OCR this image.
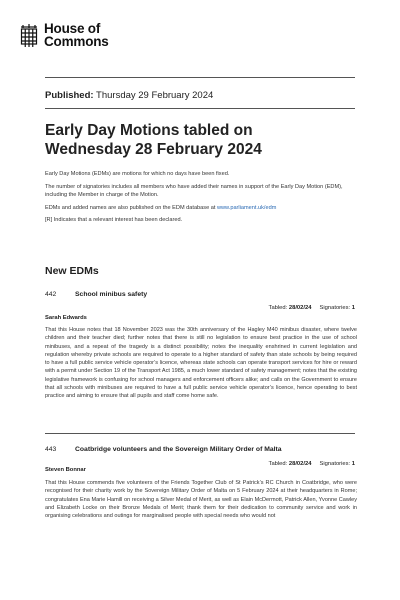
House of
Commons
Published: Thursday 29 February 2024
Early Day Motions tabled on
Wednesday 28 February 2024

Early Day Motions (EDMs) are motions for which no days have been fixed.

The number of signatories includes all members who have added their names in support of the Early Day Motion (EDM), including the Member in charge of the Motion.

EDMs and added names are also published on the EDM database at www.parliament.uk/edm

[R] Indicates that a relevant interest has been declared.

New EDMs
442	School minibus safety
Tabled: 28/02/24 Signatories: 1
Sarah Edwards
That this House notes that 18 November 2023 was the 30th anniversary of the Hagley M40 minibus disaster, where twelve children and their teacher died; further notes that there is still no legislation to ensure best practice in the use of school minibuses, and a repeat of the tragedy is a distinct possibility; notes the inequality enshrined in current legislation and regulation whereby private schools are required to operate to a higher standard of safety than state schools by being required to have a full public service vehicle operator’s licence, whereas state schools can operate transport services for hire or reward with a permit under Section 19 of the Transport Act 1985, a much lower standard of safety management; notes that the existing legislative framework is confusing for school managers and enforcement officers alike; and calls on the Government to ensure that all schools with minibuses are required to have a full public service vehicle operator’s licence, hence operating to best practice and aiming to ensure that all pupils and staff come home safe.
443	Coatbridge volunteers and the Sovereign Military Order of Malta
Tabled: 28/02/24 Signatories: 1
Steven Bonnar
That this House commends five volunteers of the Friends Together Club of St Patrick’s RC Church in Coatbridge, who were recognised for their charity work by the Sovereign Military Order of Malta on 5 February 2024 at their headquarters in Rome; congratulates Ena Marie Hamill on receiving a Silver Medal of Merit, as well as Elain McDermott, Patrick Allen, Yvonne Cawley and Elizabeth Locke on their Bronze Medals of Merit; thank them for their dedication to community service and work in organising celebrations and outings for marginalised people with special needs who would not
